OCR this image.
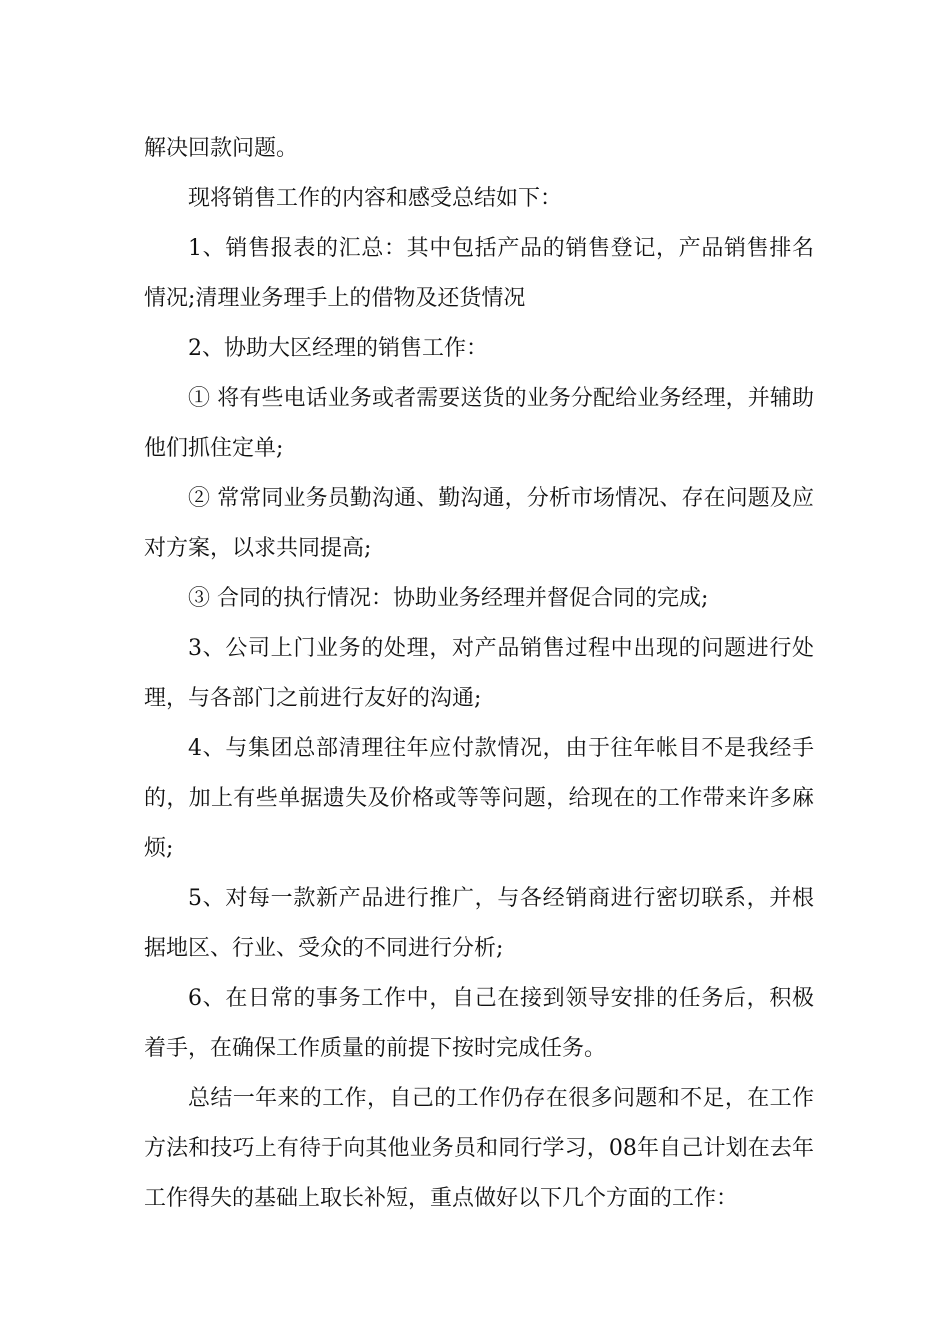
解决回款问题。

现将销售工作的内容和感受总结如下：

1、销售报表的汇总：其中包括产品的销售登记，产品销售排名情况;清理业务理手上的借物及还货情况

2、协助大区经理的销售工作：

① 将有些电话业务或者需要送货的业务分配给业务经理，并辅助他们抓住定单;

② 常常同业务员勤沟通、勤沟通，分析市场情况、存在问题及应对方案，以求共同提高;

③ 合同的执行情况：协助业务经理并督促合同的完成;

3、公司上门业务的处理，对产品销售过程中出现的问题进行处理，与各部门之前进行友好的沟通;

4、与集团总部清理往年应付款情况，由于往年帐目不是我经手的，加上有些单据遗失及价格或等等问题，给现在的工作带来许多麻烦;

5、对每一款新产品进行推广，与各经销商进行密切联系，并根据地区、行业、受众的不同进行分析;

6、在日常的事务工作中，自己在接到领导安排的任务后，积极着手，在确保工作质量的前提下按时完成任务。

总结一年来的工作，自己的工作仍存在很多问题和不足，在工作方法和技巧上有待于向其他业务员和同行学习，08年自己计划在去年工作得失的基础上取长补短，重点做好以下几个方面的工作：
